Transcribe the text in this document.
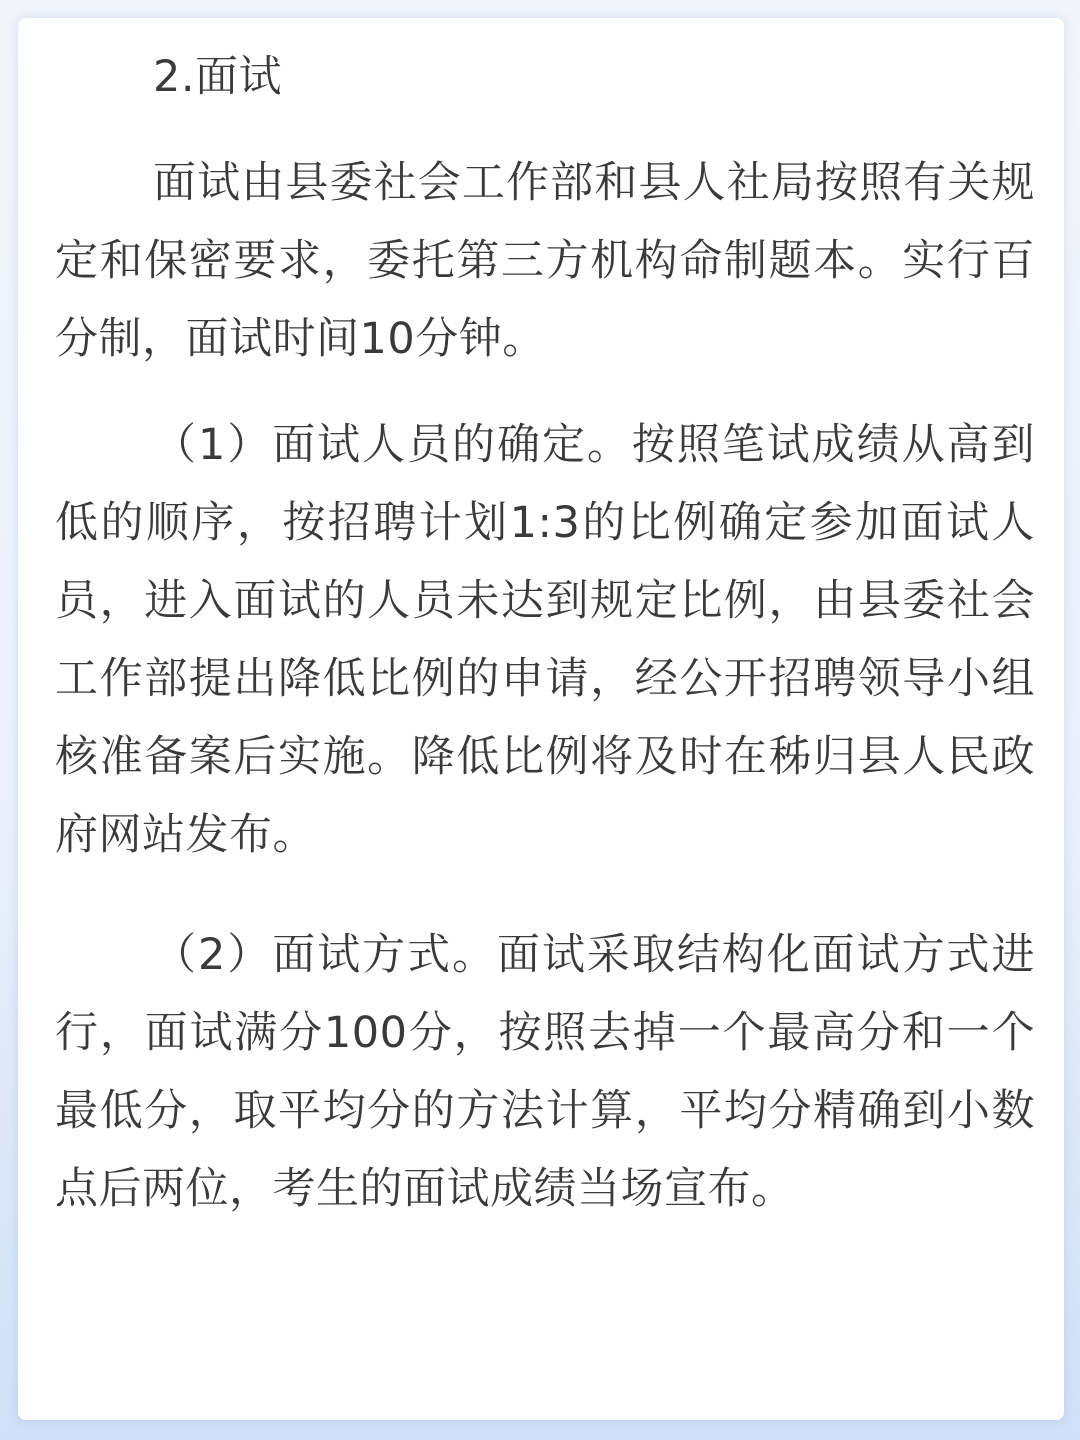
2.面试

面试由县委社会工作部和县人社局按照有关规定和保密要求，委托第三方机构命制题本。实行百分制，面试时间10分钟。

（1）面试人员的确定。按照笔试成绩从高到低的顺序，按招聘计划1:3的比例确定参加面试人员，进入面试的人员未达到规定比例，由县委社会工作部提出降低比例的申请，经公开招聘领导小组核准备案后实施。降低比例将及时在秭归县人民政府网站发布。

（2）面试方式。面试采取结构化面试方式进行，面试满分100分，按照去掉一个最高分和一个最低分，取平均分的方法计算，平均分精确到小数点后两位，考生的面试成绩当场宣布。
